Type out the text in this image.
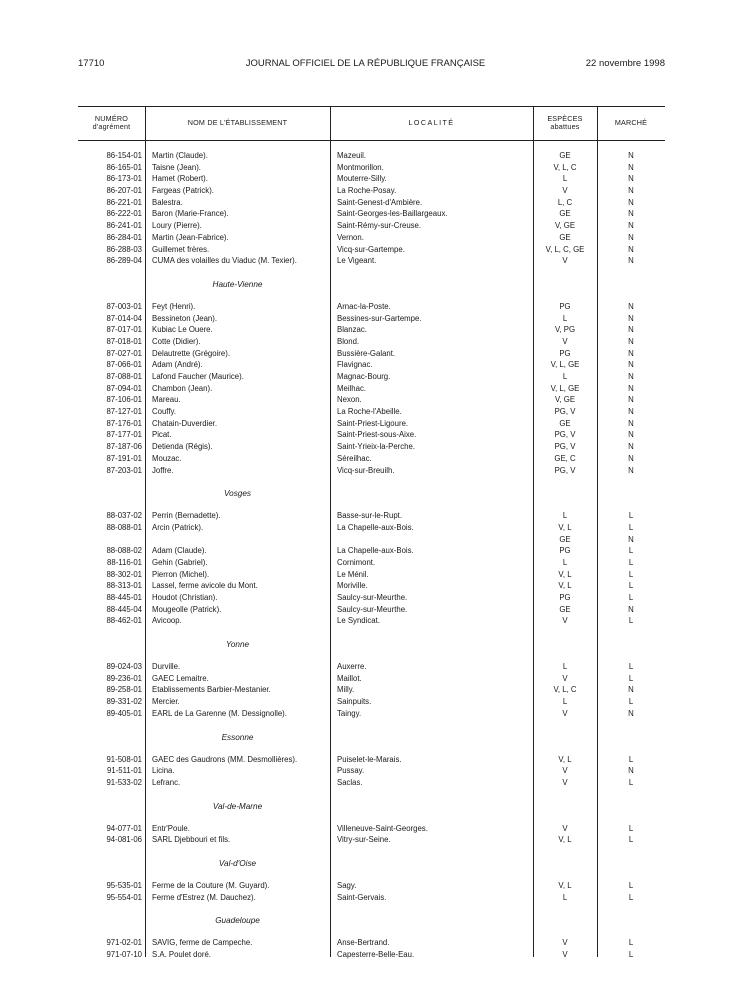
17710	JOURNAL OFFICIEL DE LA RÉPUBLIQUE FRANÇAISE	22 novembre 1998
NUMÉRO
d'agrément	NOM DE L'ÉTABLISSEMENT	LOCALITÉ	ESPÈCES
abattues	MARCHÉ
86-154-01 Martin (Claude).	Mazeuil.	GE	N
86-165-01 Taisne (Jean).	Montmorillon.	V, L, C	N
86-173-01 Hamet (Robert).	Mouterre-Silly.	L	N
86-207-01 Fargeas (Patrick).	La Roche-Posay.	V	N
86-221-01 Balestra.	Saint-Genest-d'Ambière.	L, C	N
86-222-01 Baron (Marie-France).	Saint-Georges-les-Baillargeaux.	GE	N
86-241-01 Loury (Pierre).	Saint-Rémy-sur-Creuse.	V, GE	N
86-284-01 Martin (Jean-Fabrice).	Vernon.	GE	N
86-288-03 Guillemet frères.	Vicq-sur-Gartempe.	V, L, C, GE	N
86-289-04 CUMA des volailles du Viaduc (M. Texier).	Le Vigeant.	V	N
Haute-Vienne
87-003-01 Feyt (Henri).	Arnac-la-Poste.	PG	N
87-014-04 Bessineton (Jean).	Bessines-sur-Gartempe.	L	N
87-017-01 Kubiac Le Ouere.	Blanzac.	V, PG	N
87-018-01 Cotte (Didier).	Blond.	V	N
87-027-01 Delautrette (Grégoire).	Bussière-Galant.	PG	N
87-066-01 Adam (André).	Flavignac.	V, L, GE	N
87-088-01 Lafond Faucher (Maurice).	Magnac-Bourg.	L	N
87-094-01 Chambon (Jean).	Meilhac.	V, L, GE	N
87-106-01 Mareau.	Nexon.	V, GE	N
87-127-01 Couffy.	La Roche-l'Abeille.	PG, V	N
87-176-01 Chatain-Duverdier.	Saint-Priest-Ligoure.	GE	N
87-177-01 Picat.	Saint-Priest-sous-Aixe.	PG, V	N
87-187-06 Detienda (Régis).	Saint-Yrieix-la-Perche.	PG, V	N
87-191-01 Mouzac.	Séreilhac.	GE, C	N
87-203-01 Joffre.	Vicq-sur-Breuilh.	PG, V	N
Vosges
88-037-02 Perrin (Bernadette).	Basse-sur-le-Rupt.	L	L
88-088-01 Arcin (Patrick).	La Chapelle-aux-Bois.	V, L	L
GE	N
88-088-02 Adam (Claude).	La Chapelle-aux-Bois.	PG	L
88-116-01 Gehin (Gabriel).	Cornimont.	L	L
88-302-01 Pierron (Michel).	Le Ménil.	V, L	L
88-313-01 Lassel, ferme avicole du Mont.	Moriville.	V, L	L
88-445-01 Houdot (Christian).	Saulcy-sur-Meurthe.	PG	L
88-445-04 Mougeolle (Patrick).	Saulcy-sur-Meurthe.	GE	N
88-462-01 Avicoop.	Le Syndicat.	V	L
Yonne
89-024-03 Durville.	Auxerre.	L	L
89-236-01 GAEC Lemaitre.	Maillot.	V	L
89-258-01 Etablissements Barbier-Mestanier.	Milly.	V, L, C	N
89-331-02 Mercier.	Sainpuits.	L	L
89-405-01 EARL de La Garenne (M. Dessignolle).	Taingy.	V	N
Essonne
91-508-01 GAEC des Gaudrons (MM. Desmollières).	Puiselet-le-Marais.	V, L	L
91-511-01 Licina.	Pussay.	V	N
91-533-02 Lefranc.	Saclas.	V	L
Val-de-Marne
94-077-01 Entr'Poule.	Villeneuve-Saint-Georges.	V	L
94-081-06 SARL Djebbouri et fils.	Vitry-sur-Seine.	V, L	L
Val-d'Oise
95-535-01 Ferme de la Couture (M. Guyard).	Sagy.	V, L	L
95-554-01 Ferme d'Estrez (M. Dauchez).	Saint-Gervais.	L	L
Guadeloupe
971-02-01 SAVIG, ferme de Campeche.	Anse-Bertrand.	V	L
971-07-10 S.A. Poulet doré.	Capesterre-Belle-Eau.	V	L
